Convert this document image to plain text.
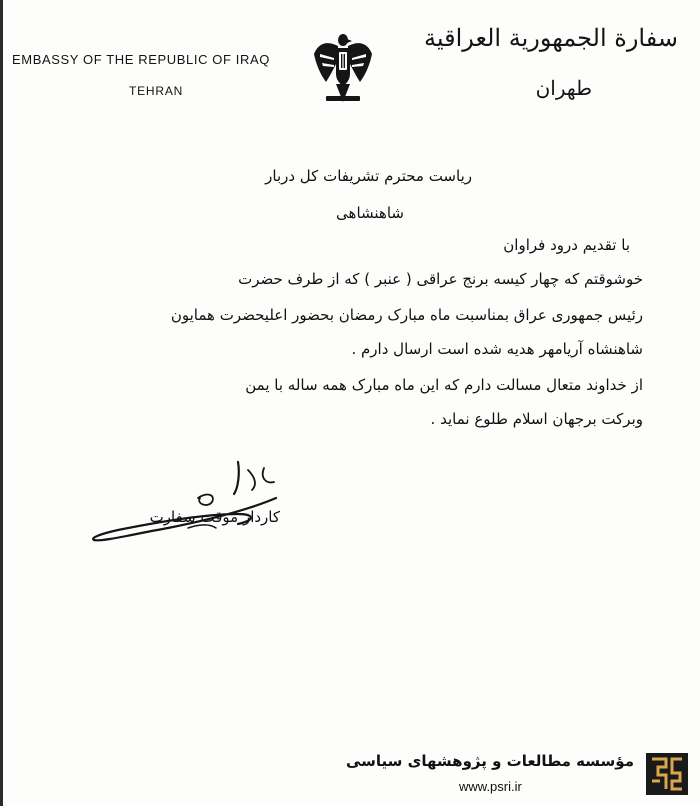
EMBASSY OF THE REPUBLIC OF IRAQ
TEHRAN
سفارة الجمهورية العراقية
طهران
ریاست محترم تشریفات کل دربار
شاهنشاهی
با تقدیم درود فراوان
خوشوقتم که چهار کیسه برنج عراقی ( عنبر ) که از طرف حضرت
رئیس جمهوری عراق بمناسبت ماه مبارک رمضان بحضور اعلیحضرت همایون
شاهنشاه آریامهر هدیه شده است ارسال دارم .
از خداوند متعال مسالت دارم که این ماه مبارک همه ساله با یمن
وبرکت برجهان اسلام طلوع نماید .
کاردار موقت سفارت
مؤسسه مطالعات و پژوهشهای سیاسی
www.psri.ir
